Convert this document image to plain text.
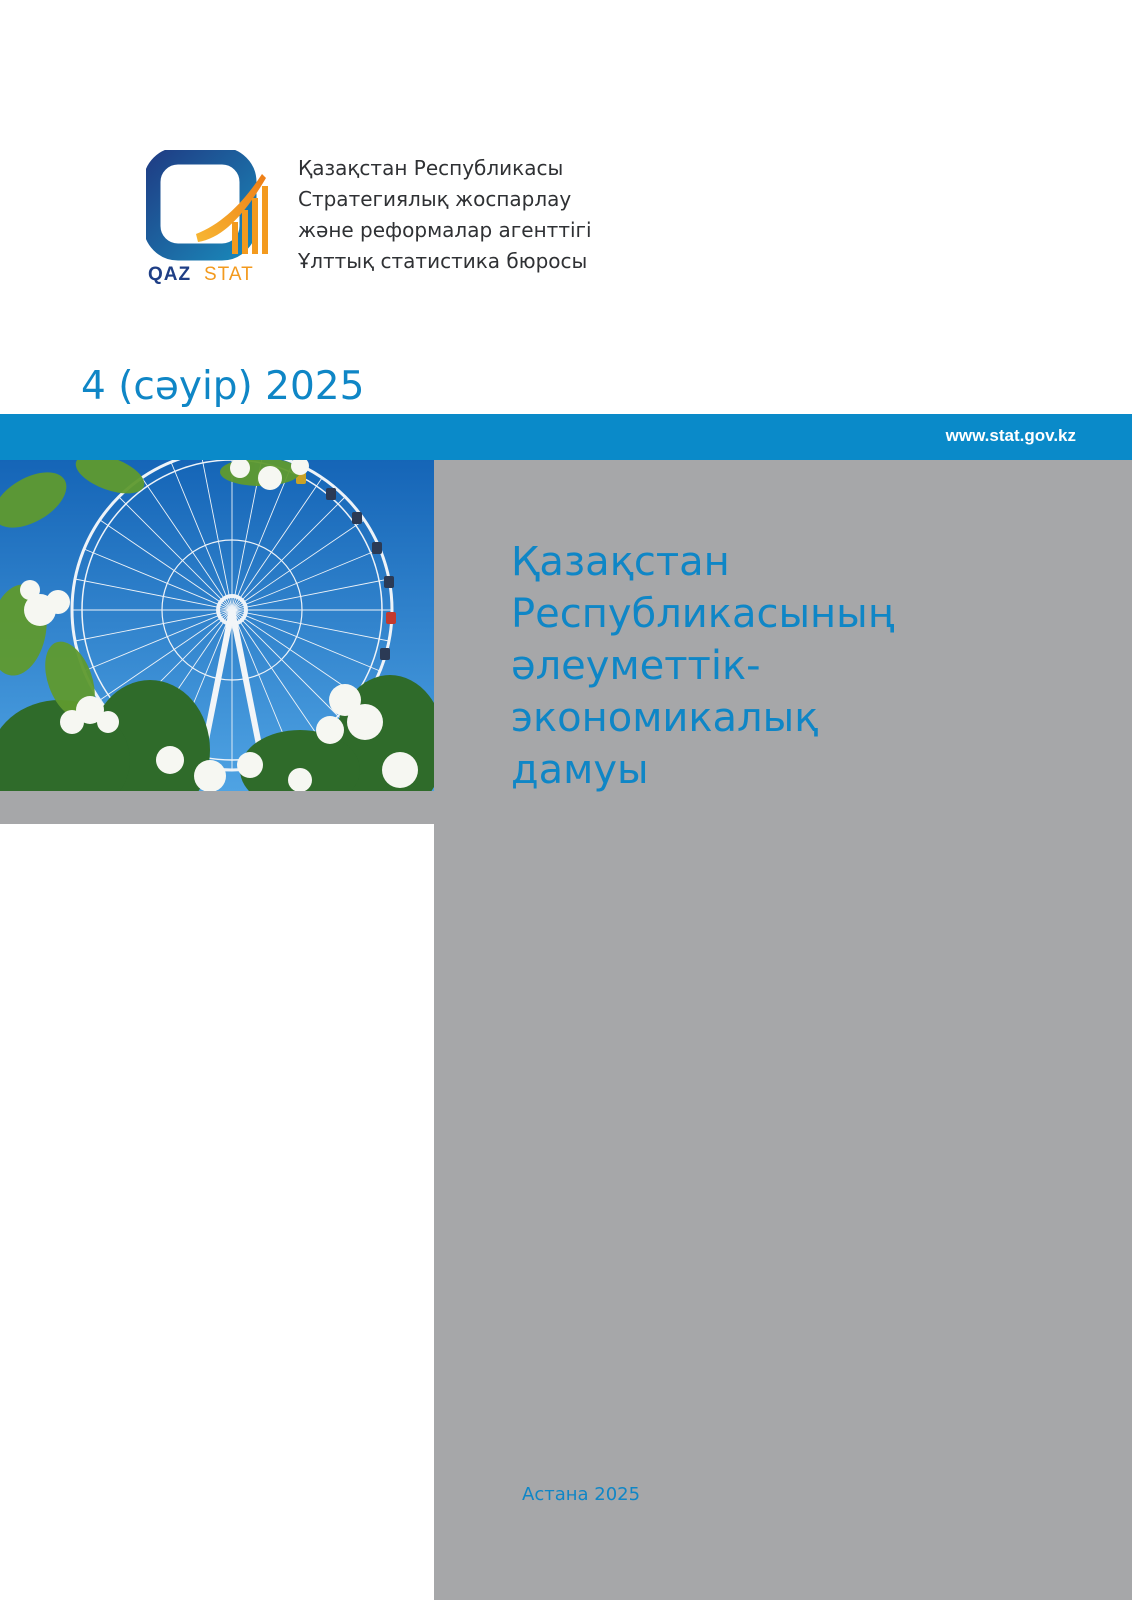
QAZ STAT
Қазақстан Республикасы
Стратегиялық жоспарлау
және реформалар агенттігі
Ұлттық статистика бюросы
4 (сәуір) 2025
www.stat.gov.kz
Қазақстан
Республикасының
әлеуметтік-
экономикалық
дамуы
Астана 2025
